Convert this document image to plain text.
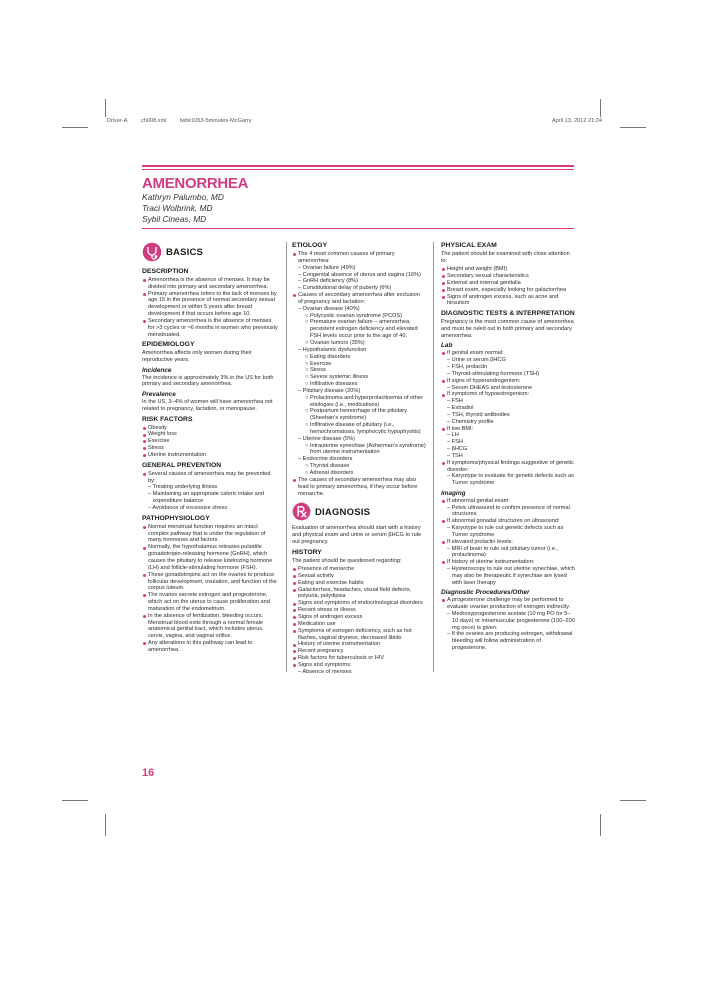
Driver-A ch008.xml lwbk1053-5minutes-McGarry	April 13, 2012 21:24
AMENORRHEA
Kathryn Palumbo, MD
Traci Wolbrink, MD
Sybil Cineas, MD
BASICS
DESCRIPTION
Amenorrhea is the absence of menses. It may be divided into primary and secondary amenorrhea.
Primary amenorrhea refers to the lack of menses by age 15 in the presence of normal secondary sexual development or within 5 years after breast development if that occurs before age 10.
Secondary amenorrhea is the absence of menses for >3 cycles or ≈6 months in women who previously menstruated.
EPIDEMIOLOGY

Amenorrhea affects only women during their reproductive years.

Incidence

The incidence is approximately 3% in the US for both primary and secondary amenorrhea.

Prevalence

In the US, 3–4% of women will have amenorrhea not related to pregnancy, lactation, or menopause.

RISK FACTORS
Obesity
Weight loss
Exercise
Stress
Uterine instrumentation
GENERAL PREVENTION
Several causes of amenorrhea may be prevented by:
– Treating underlying illness
– Maintaining an appropriate caloric intake and expenditure balance
– Avoidance of excessive stress
PATHOPHYSIOLOGY
Normal menstrual function requires an intact complex pathway that is under the regulation of many hormones and factors.
Normally, the hypothalamus releases pulsatile gonadotropin-releasing hormone (GnRH), which causes the pituitary to release luteinizing hormone (LH) and follicle-stimulating hormone (FSH).
These gonadotropins act on the ovaries to produce follicular development, ovulation, and function of the corpus luteum.
The ovaries secrete estrogen and progesterone, which act on the uterus to cause proliferation and maturation of the endometrium.
In the absence of fertilization, bleeding occurs. Menstrual blood exits through a normal female anatomical genital tract, which includes uterus, cervix, vagina, and vaginal orifice.
Any alterations in this pathway can lead to amenorrhea.
ETIOLOGY
The 4 most common causes of primary amenorrhea:
– Ovarian failure (49%)
– Congenital absence of uterus and vagina (16%)
– GnRH deficiency (8%)
– Constitutional delay of puberty (6%)
Causes of secondary amenorrhea after exclusion of pregnancy and lactation:
– Ovarian disease (40%)
○ Polycystic ovarian syndrome (PCOS)
○ Premature ovarian failure – amenorrhea, persistent estrogen deficiency and elevated FSH levels occur prior to the age of 40.
○ Ovarian tumors (35%)
– Hypothalamic dysfunction
○ Eating disorders
○ Exercise
○ Stress
○ Severe systemic illness
○ Infiltrative diseases
– Pituitary disease (20%)
○ Prolactinoma and hyperprolactinemia of other etiologies (i.e., medications)
○ Postpartum hemorrhage of the pituitary (Sheehan's syndrome)
○ Infiltrative disease of pituitary (i.e., hemochromatosis, lymphocytic hypophysitis)
– Uterine disease (5%)
○ Intrauterine synechiae (Asherman's syndrome) from uterine instrumentation
– Endocrine disorders
○ Thyroid disease
○ Adrenal disorders
The causes of secondary amenorrhea may also lead to primary amenorrhea, if they occur before menarche.
DIAGNOSIS

Evaluation of amenorrhea should start with a history and physical exam and urine or serum βHCG to rule out pregnancy.

HISTORY

The patient should be questioned regarding:

Presence of menarche
Sexual activity
Eating and exercise habits
Galactorrhea, headaches, visual field defects, polyuria, polydipsia
Signs and symptoms of endocrinological disorders
Recent stress or illness
Signs of androgen excess
Medication use
Symptoms of estrogen deficiency, such as hot flashes, vaginal dryness, decreased libido
History of uterine instrumentation
Recent pregnancy
Risk factors for tuberculosis or HIV
Signs and symptoms:
– Absence of menses
PHYSICAL EXAM

The patient should be examined with close attention to:

Height and weight (BMI)
Secondary sexual characteristics
External and internal genitalia
Breast exam, especially looking for galactorrhea
Signs of androgen excess, such as acne and hirsutism
DIAGNOSTIC TESTS & INTERPRETATION

Pregnancy is the most common cause of amenorrhea and must be ruled out in both primary and secondary amenorrhea.

Lab
If genital exam normal:
– Urine or serum βHCG
– FSH, prolactin
– Thyroid-stimulating hormone (TSH)
If signs of hyperandrogenism:
– Serum DHEAS and testosterone
If symptoms of hypoestrogenism:
– FSH
– Estradiol
– TSH, thyroid antibodies
– Chemistry profile
If low BMI:
– LH
– FSH
– βHCG
– TSH
If symptoms/physical findings suggestive of genetic disorder:
– Karyotype to evaluate for genetic defects such as Turner syndrome
Imaging
If abnormal genital exam:
– Pelvic ultrasound to confirm presence of normal structures
If abnormal gonadal structures on ultrasound:
– Karyotype to rule out genetic defects such as Turner syndrome
If elevated prolactin levels:
– MRI of brain to rule out pituitary tumor (i.e., prolactinoma)
If history of uterine instrumentation:
– Hysteroscopy to rule out uterine synechiae, which may also be therapeutic if synechiae are lysed with laser therapy
Diagnostic Procedures/Other
A progesterone challenge may be performed to evaluate ovarian production of estrogen indirectly.
– Medroxyprogesterone acetate (10 mg PO for 5–10 days) or intramuscular progesterone (100–200 mg once) is given.
– If the ovaries are producing estrogen, withdrawal bleeding will follow administration of progesterone.
16
